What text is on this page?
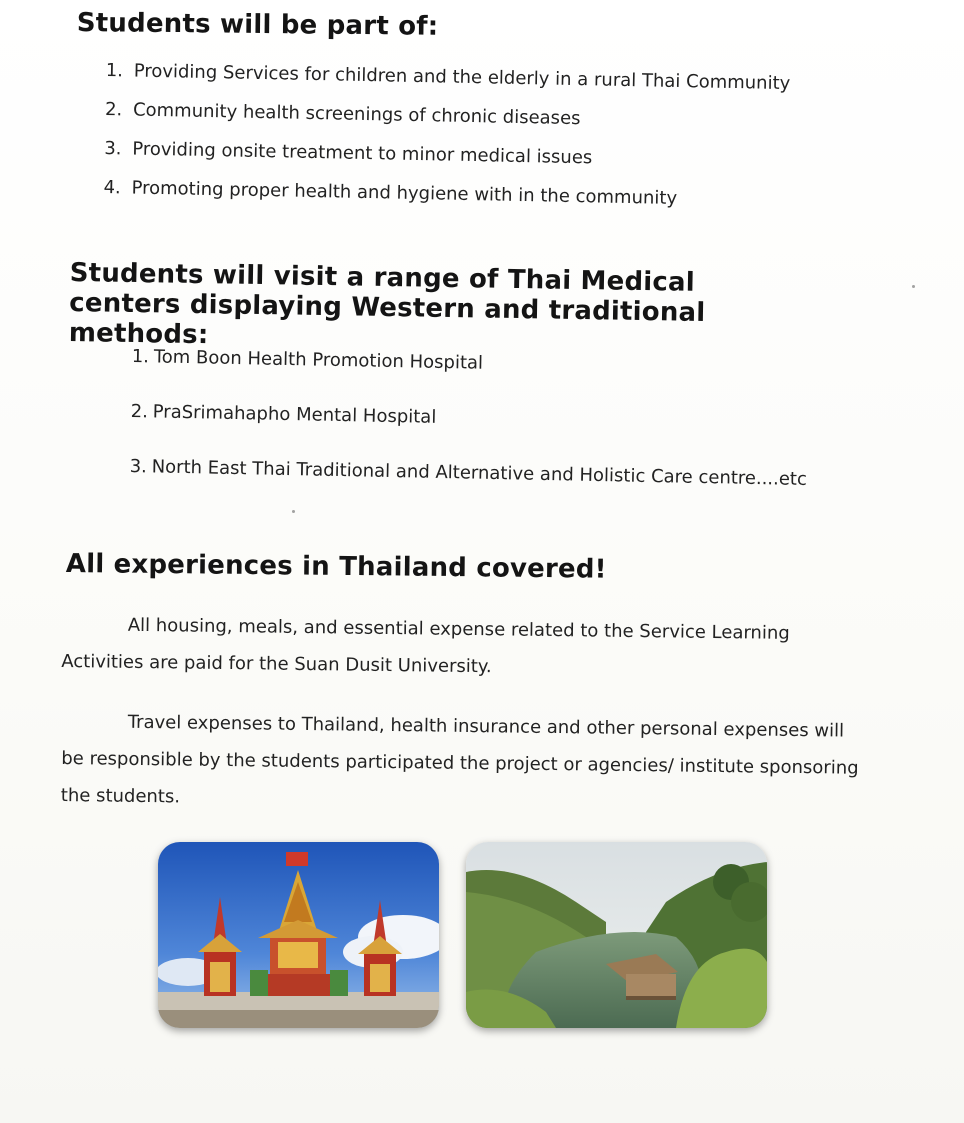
Students will be part of:
1. Providing Services for children and the elderly in a rural Thai Community
2. Community health screenings of chronic diseases
3. Providing onsite treatment to minor medical issues
4. Promoting proper health and hygiene with in the community
Students will visit a range of Thai Medical centers displaying Western and traditional methods:
1. Tom Boon Health Promotion Hospital
2. PraSrimahapho Mental Hospital
3. North East Thai Traditional and Alternative and Holistic Care centre....etc
All experiences in Thailand covered!

All housing, meals, and essential expense related to the Service Learning Activities are paid for the Suan Dusit University.

Travel expenses to Thailand, health insurance and other personal expenses will be responsible by the students participated the project or agencies/ institute sponsoring the students.
